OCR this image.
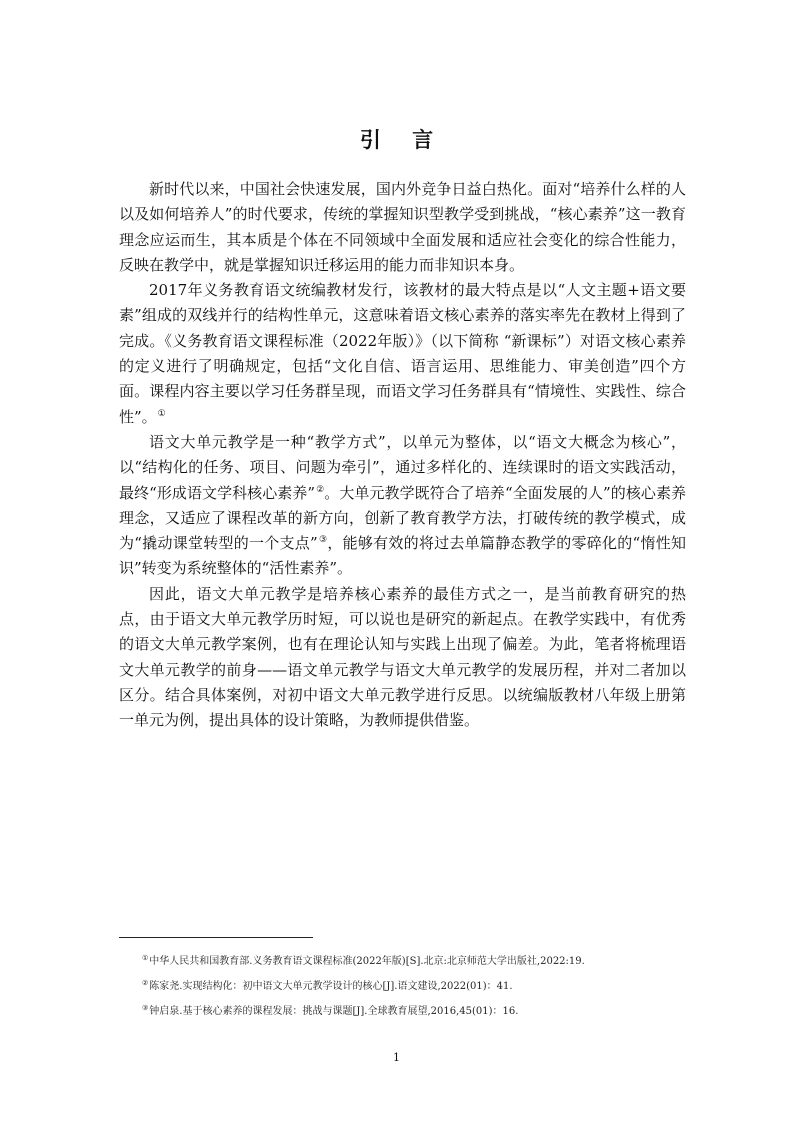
引 言

新时代以来，中国社会快速发展，国内外竞争日益白热化。面对“培养什么样的人以及如何培养人”的时代要求，传统的掌握知识型教学受到挑战，“核心素养”这一教育理念应运而生，其本质是个体在不同领域中全面发展和适应社会变化的综合性能力，反映在教学中，就是掌握知识迁移运用的能力而非知识本身。

2017年义务教育语文统编教材发行，该教材的最大特点是以“人文主题+语文要素”组成的双线并行的结构性单元，这意味着语文核心素养的落实率先在教材上得到了完成。《义务教育语文课程标准（2022年版）》（以下简称 “新课标”）对语文核心素养的定义进行了明确规定，包括“文化自信、语言运用、思维能力、审美创造”四个方面。课程内容主要以学习任务群呈现，而语文学习任务群具有“情境性、实践性、综合性”。①

语文大单元教学是一种“教学方式”，以单元为整体，以“语文大概念为核心”，以“结构化的任务、项目、问题为牵引”，通过多样化的、连续课时的语文实践活动，最终“形成语文学科核心素养”②。大单元教学既符合了培养“全面发展的人”的核心素养理念，又适应了课程改革的新方向，创新了教育教学方法，打破传统的教学模式，成为“撬动课堂转型的一个支点”③，能够有效的将过去单篇静态教学的零碎化的“惰性知识”转变为系统整体的“活性素养”。

因此，语文大单元教学是培养核心素养的最佳方式之一，是当前教育研究的热点，由于语文大单元教学历时短，可以说也是研究的新起点。在教学实践中，有优秀的语文大单元教学案例，也有在理论认知与实践上出现了偏差。为此，笔者将梳理语文大单元教学的前身——语文单元教学与语文大单元教学的发展历程，并对二者加以区分。结合具体案例，对初中语文大单元教学进行反思。以统编版教材八年级上册第一单元为例，提出具体的设计策略，为教师提供借鉴。

①中华人民共和国教育部.义务教育语文课程标准(2022年版)[S].北京:北京师范大学出版社,2022:19.
②陈家尧.实现结构化：初中语文大单元教学设计的核心[J].语文建设,2022(01)：41.
③钟启泉.基于核心素养的课程发展：挑战与课题[J].全球教育展望,2016,45(01)：16.
1
